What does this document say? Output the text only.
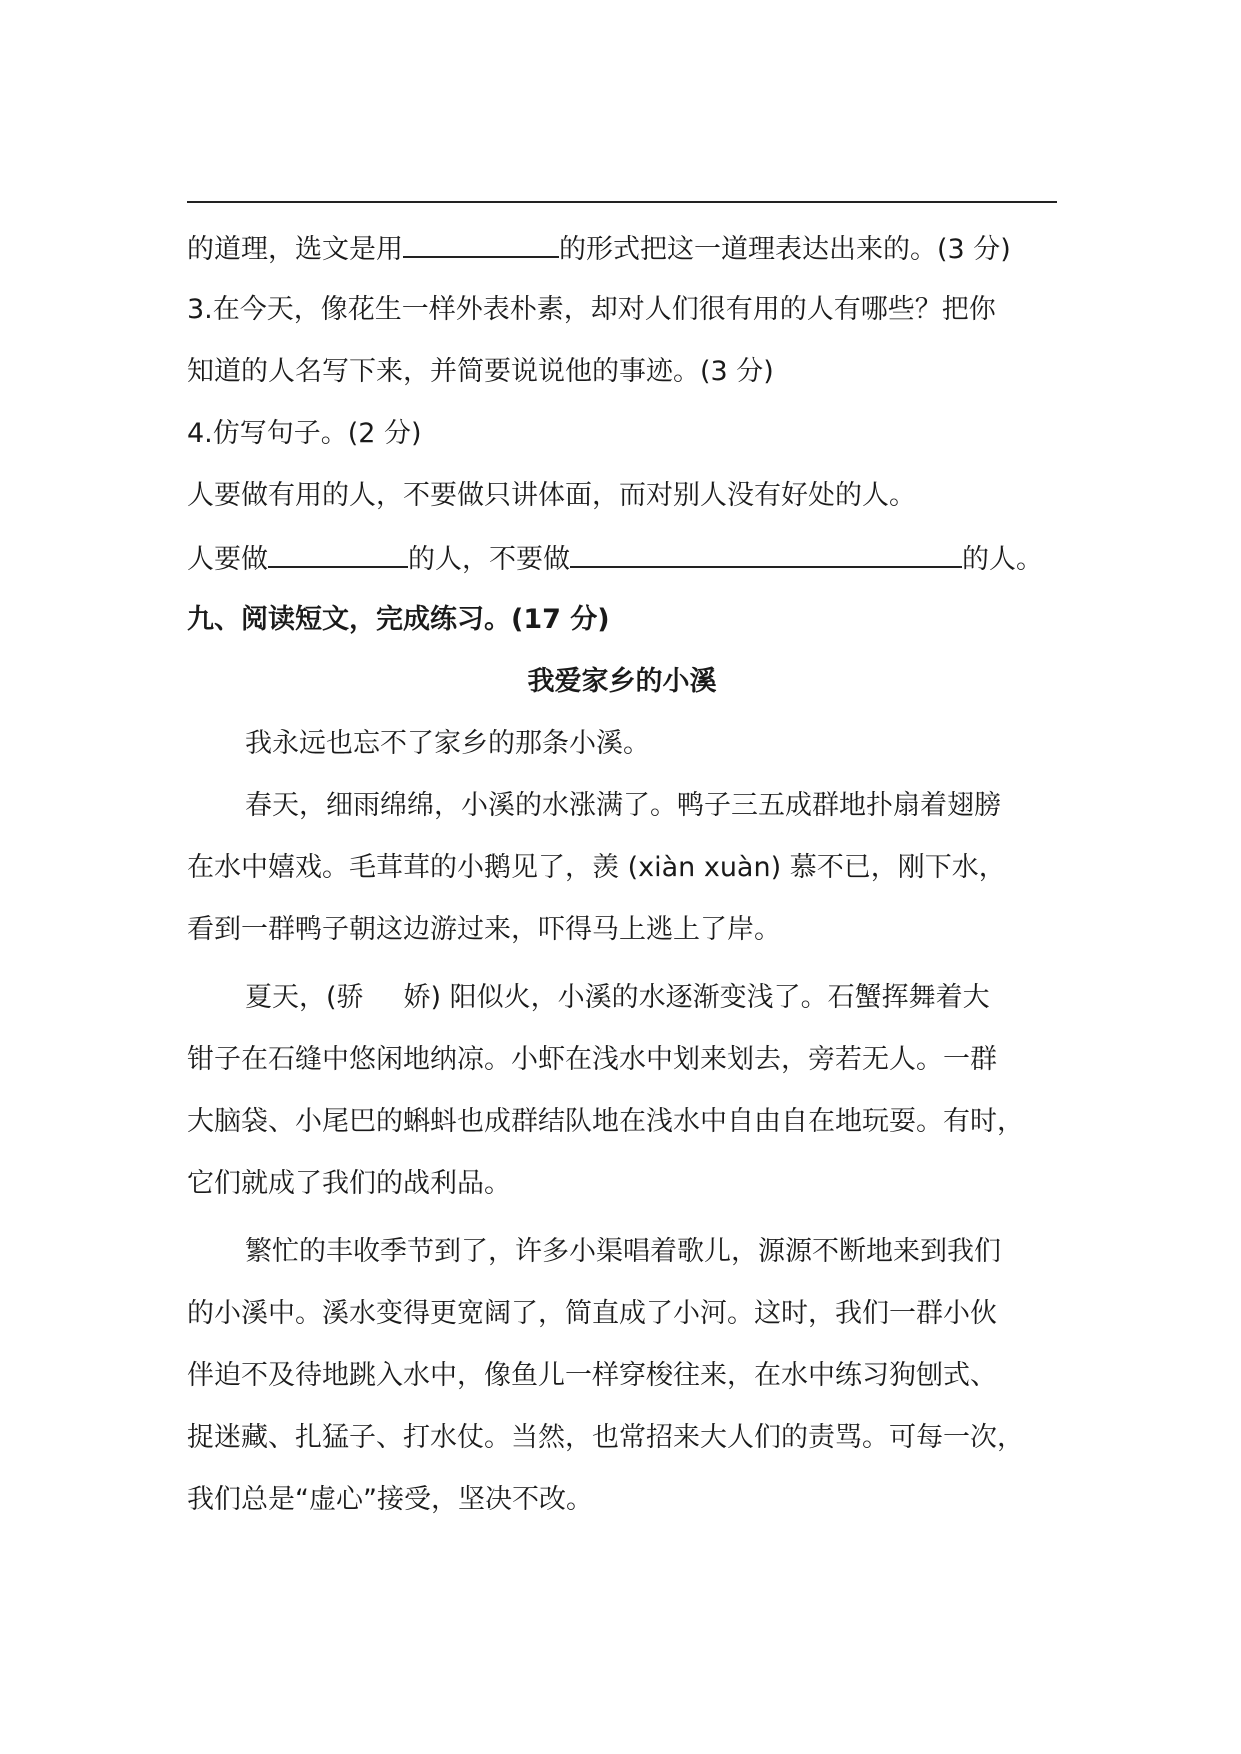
的道理，选文是用	的形式把这一道理表达出来的。(3 分)
3.在今天，像花生一样外表朴素，却对人们很有用的人有哪些？把你
知道的人名写下来，并简要说说他的事迹。(3 分)
4.仿写句子。(2 分)
人要做有用的人，不要做只讲体面，而对别人没有好处的人。
人要做	的人，不要做	的人。
九、阅读短文，完成练习。(17 分)
我爱家乡的小溪
我永远也忘不了家乡的那条小溪。
春天，细雨绵绵，小溪的水涨满了。鸭子三五成群地扑扇着翅膀
在水中嬉戏。毛茸茸的小鹅见了，羡 (xiàn xuàn) 慕不已，刚下水，
看到一群鸭子朝这边游过来，吓得马上逃上了岸。
夏天，(骄 娇) 阳似火，小溪的水逐渐变浅了。石蟹挥舞着大
钳子在石缝中悠闲地纳凉。小虾在浅水中划来划去，旁若无人。一群
大脑袋、小尾巴的蝌蚪也成群结队地在浅水中自由自在地玩耍。有时，
它们就成了我们的战利品。
繁忙的丰收季节到了，许多小渠唱着歌儿，源源不断地来到我们
的小溪中。溪水变得更宽阔了，简直成了小河。这时，我们一群小伙
伴迫不及待地跳入水中，像鱼儿一样穿梭往来，在水中练习狗刨式、
捉迷藏、扎猛子、打水仗。当然，也常招来大人们的责骂。可每一次，
我们总是“虚心”接受，坚决不改。
